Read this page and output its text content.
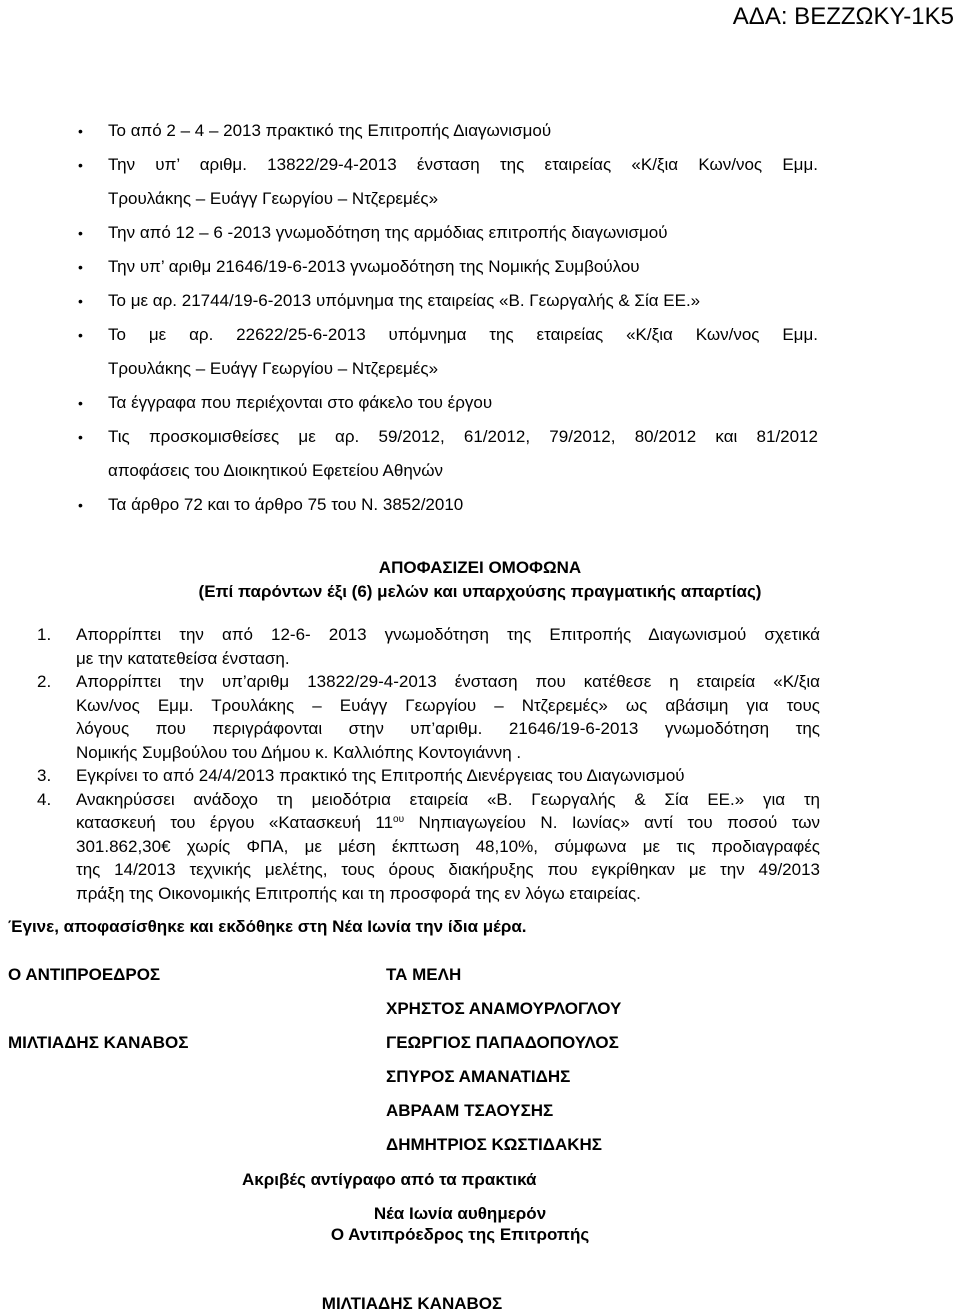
ΑΔΑ: ΒΕΖΖΩΚΥ-1Κ5
• Το από 2 – 4 – 2013 πρακτικό της Επιτροπής Διαγωνισμού
• Την υπ’ αριθμ. 13822/29-4-2013 ένσταση της εταιρείας «Κ/ξια Κων/νος Εμμ.
Τρουλάκης – Ευάγγ Γεωργίου – Ντζερεμές»
• Την από 12 – 6 -2013 γνωμοδότηση της αρμόδιας επιτροπής διαγωνισμού
• Την υπ’ αριθμ 21646/19-6-2013 γνωμοδότηση της Νομικής Συμβούλου
• Το με αρ. 21744/19-6-2013 υπόμνημα της εταιρείας «Β. Γεωργαλής & Σία ΕΕ.»
• Το με αρ. 22622/25-6-2013 υπόμνημα της εταιρείας «Κ/ξια Κων/νος Εμμ.
Τρουλάκης – Ευάγγ Γεωργίου – Ντζερεμές»
• Τα έγγραφα που περιέχονται στο φάκελο του έργου
• Τις προσκομισθείσες με αρ. 59/2012, 61/2012, 79/2012, 80/2012 και 81/2012
αποφάσεις του Διοικητικού Εφετείου Αθηνών
• Τα άρθρο 72 και το άρθρο 75 του Ν. 3852/2010
ΑΠΟΦΑΣΙΖΕΙ ΟΜΟΦΩΝΑ
(Επί παρόντων έξι (6) μελών και υπαρχούσης πραγματικής απαρτίας)
1. Απορρίπτει την από 12-6- 2013 γνωμοδότηση της Επιτροπής Διαγωνισμού σχετικά
με την κατατεθείσα ένσταση.
2. Απορρίπτει την υπ’αριθμ 13822/29-4-2013 ένσταση που κατέθεσε η εταιρεία «Κ/ξια
Κων/νος Εμμ. Τρουλάκης – Ευάγγ Γεωργίου – Ντζερεμές» ως αβάσιμη για τους
λόγους που περιγράφονται στην υπ’αριθμ. 21646/19-6-2013 γνωμοδότηση της
Νομικής Συμβούλου του Δήμου κ. Καλλιόπης Κοντογιάννη .
3. Εγκρίνει το από 24/4/2013 πρακτικό της Επιτροπής Διενέργειας του Διαγωνισμού
4. Ανακηρύσσει ανάδοχο τη μειοδότρια εταιρεία «Β. Γεωργαλής & Σία ΕΕ.» για τη
κατασκευή του έργου «Κατασκευή $11^{o\upsilon}$ Νηπιαγωγείου Ν. Ιωνίας» αντί του ποσού των
301.862,30€ χωρίς ΦΠΑ, με μέση έκπτωση 48,10%, σύμφωνα με τις προδιαγραφές
της 14/2013 τεχνικής μελέτης, τους όρους διακήρυξης που εγκρίθηκαν με την 49/2013
πράξη της Οικονομικής Επιτροπής και τη προσφορά της εν λόγω εταιρείας.
Έγινε, αποφασίσθηκε και εκδόθηκε στη Νέα Ιωνία την ίδια μέρα.
Ο ΑΝΤΙΠΡΟΕΔΡΟΣ
ΜΙΛΤΙΑΔΗΣ ΚΑΝΑΒΟΣ
ΤΑ ΜΕΛΗ
ΧΡΗΣΤΟΣ ΑΝΑΜΟΥΡΛΟΓΛΟΥ
ΓΕΩΡΓΙΟΣ ΠΑΠΑΔΟΠΟΥΛΟΣ
ΣΠΥΡΟΣ ΑΜΑΝΑΤΙΔΗΣ
ΑΒΡΑΑΜ ΤΣΑΟΥΣΗΣ
ΔΗΜΗΤΡΙΟΣ ΚΩΣΤΙΔΑΚΗΣ
Ακριβές αντίγραφο από τα πρακτικά
Νέα Ιωνία αυθημερόν
Ο Αντιπρόεδρος της Επιτροπής
ΜΙΛΤΙΑΔΗΣ ΚΑΝΑΒΟΣ
